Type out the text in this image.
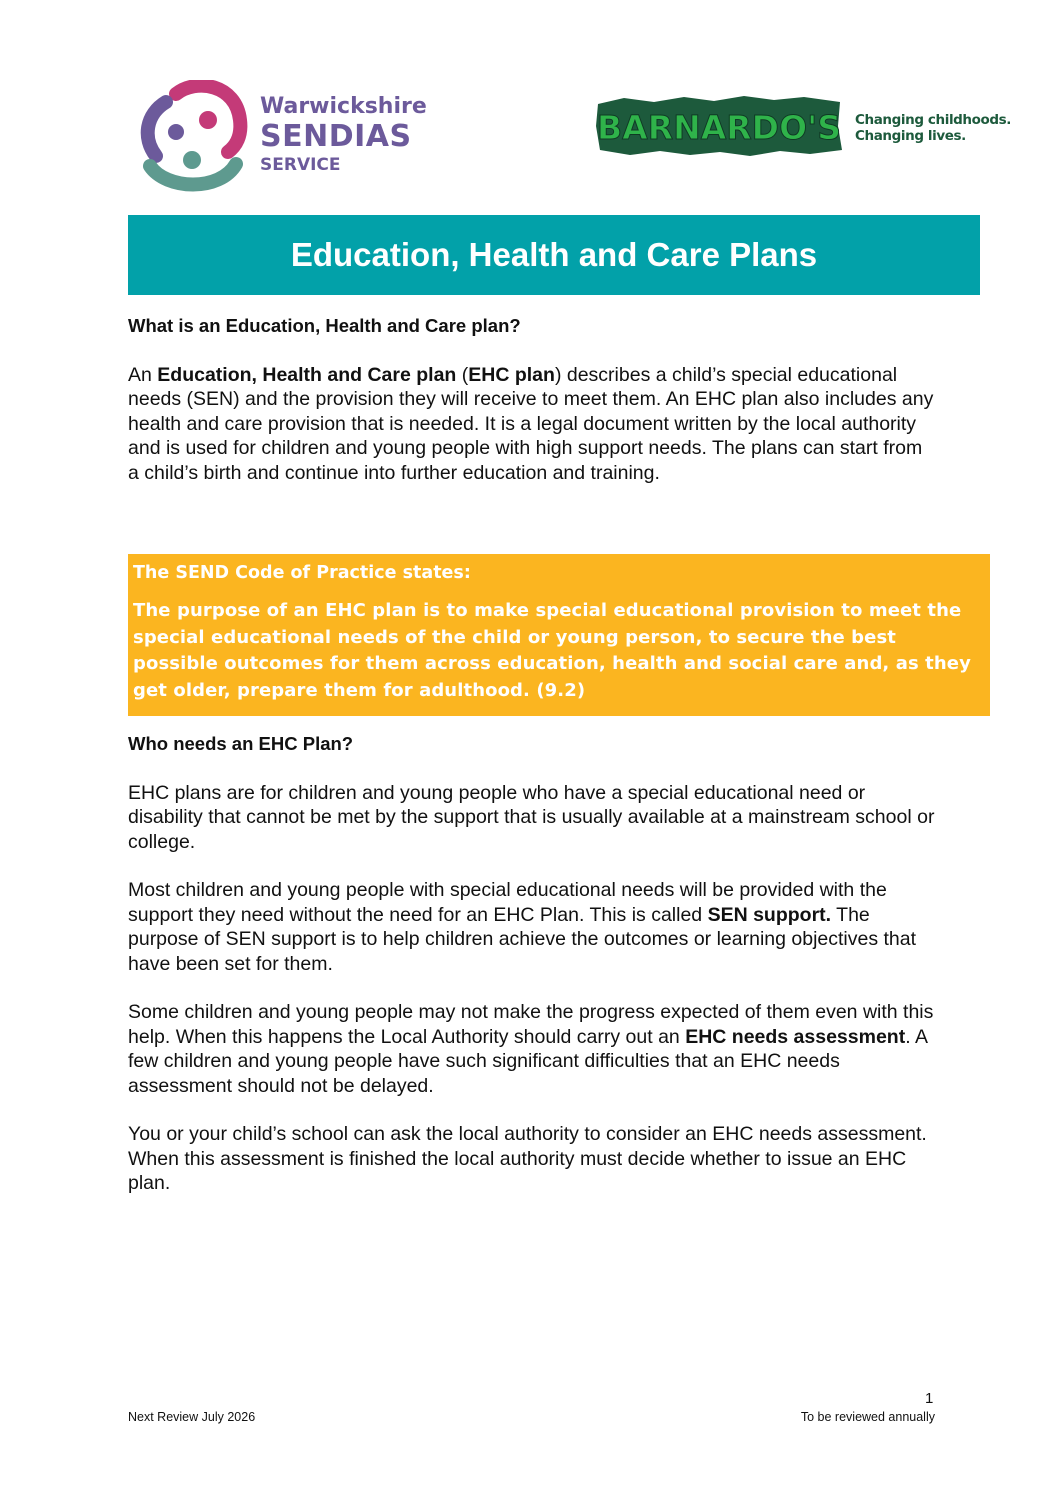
Warwickshire
SENDIAS
SERVICE
BARNARDO'S Changing childhoods.
Changing lives.
Education, Health and Care Plans

What is an Education, Health and Care plan?

An Education, Health and Care plan (EHC plan) describes a child’s special educational needs (SEN) and the provision they will receive to meet them. An EHC plan also includes any health and care provision that is needed. It is a legal document written by the local authority and is used for children and young people with high support needs. The plans can start from a child’s birth and continue into further education and training.

The SEND Code of Practice states:

The purpose of an EHC plan is to make special educational provision to meet the special educational needs of the child or young person, to secure the best possible outcomes for them across education, health and social care and, as they get older, prepare them for adulthood. (9.2)

Who needs an EHC Plan?

EHC plans are for children and young people who have a special educational need or disability that cannot be met by the support that is usually available at a mainstream school or college.

Most children and young people with special educational needs will be provided with the support they need without the need for an EHC Plan. This is called SEN support. The purpose of SEN support is to help children achieve the outcomes or learning objectives that have been set for them.

Some children and young people may not make the progress expected of them even with this help. When this happens the Local Authority should carry out an EHC needs assessment. A few children and young people have such significant difficulties that an EHC needs assessment should not be delayed.

You or your child’s school can ask the local authority to consider an EHC needs assessment. When this assessment is finished the local authority must decide whether to issue an EHC plan.

1
Next Review July 2026	To be reviewed annually
